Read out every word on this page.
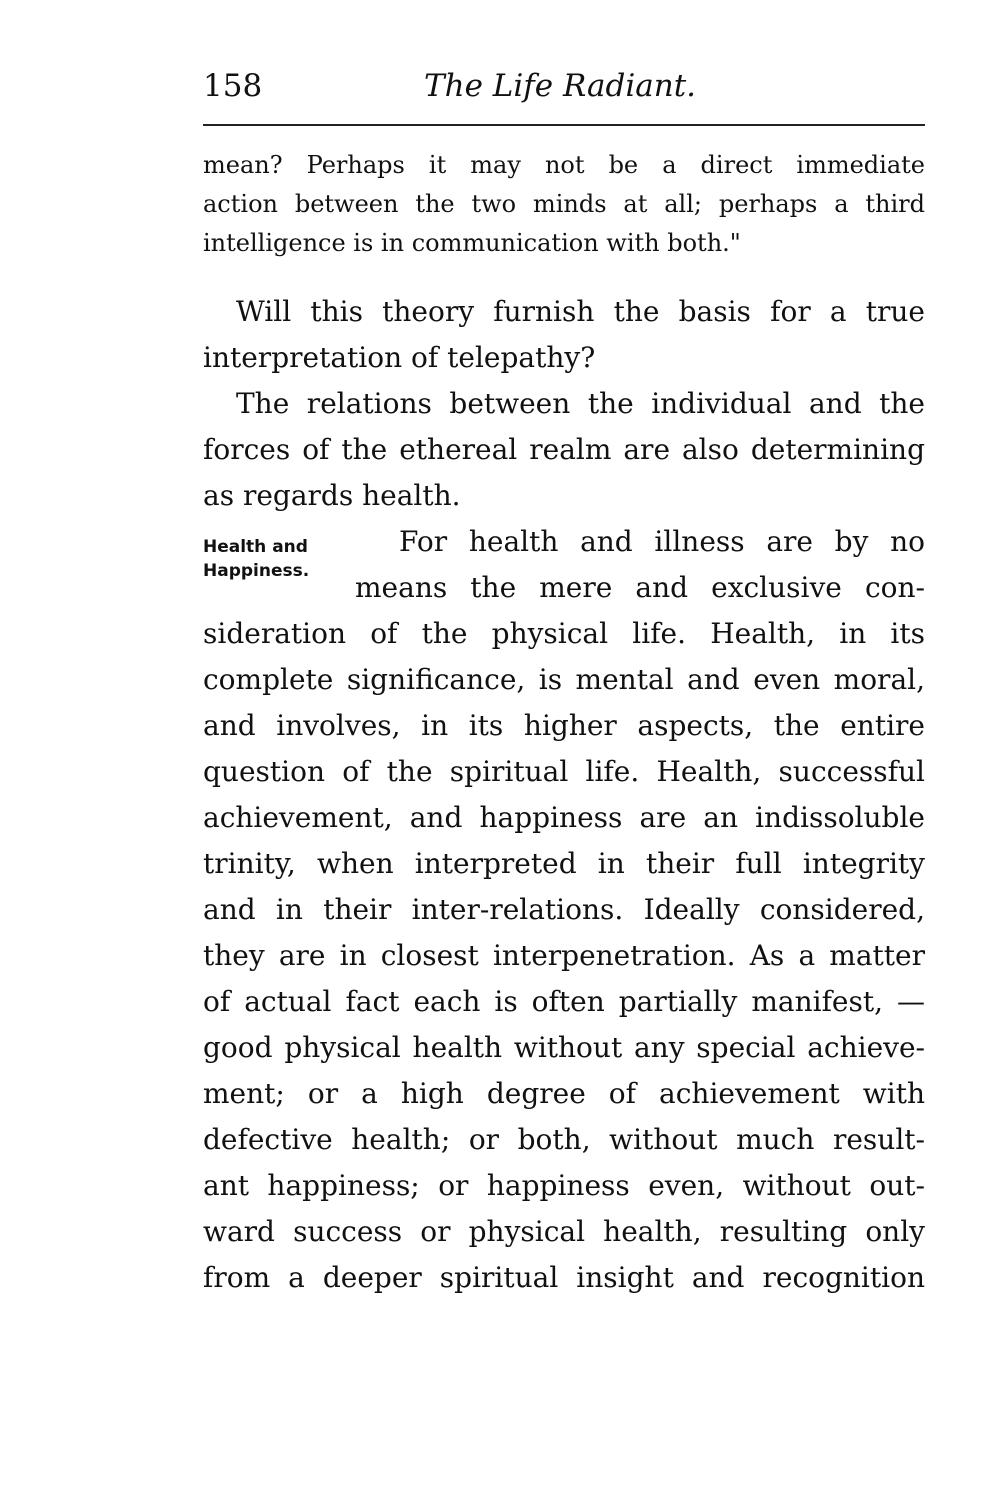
158	The Life Radiant.
mean? Perhaps it may not be a direct immediate
action between the two minds at all; perhaps a third
intelligence is in communication with both."
Will this theory furnish the basis for a true
interpretation of telepathy?
The relations between the individual and the
forces of the ethereal realm are also determining
as regards health.
Health and
Happiness.
For health and illness are by no
means the mere and exclusive con-
sideration of the physical life. Health, in its
complete significance, is mental and even moral,
and involves, in its higher aspects, the entire
question of the spiritual life. Health, successful
achievement, and happiness are an indissoluble
trinity, when interpreted in their full integrity
and in their inter-relations. Ideally considered,
they are in closest interpenetration. As a matter
of actual fact each is often partially manifest, —
good physical health without any special achieve-
ment; or a high degree of achievement with
defective health; or both, without much result-
ant happiness; or happiness even, without out-
ward success or physical health, resulting only
from a deeper spiritual insight and recognition
